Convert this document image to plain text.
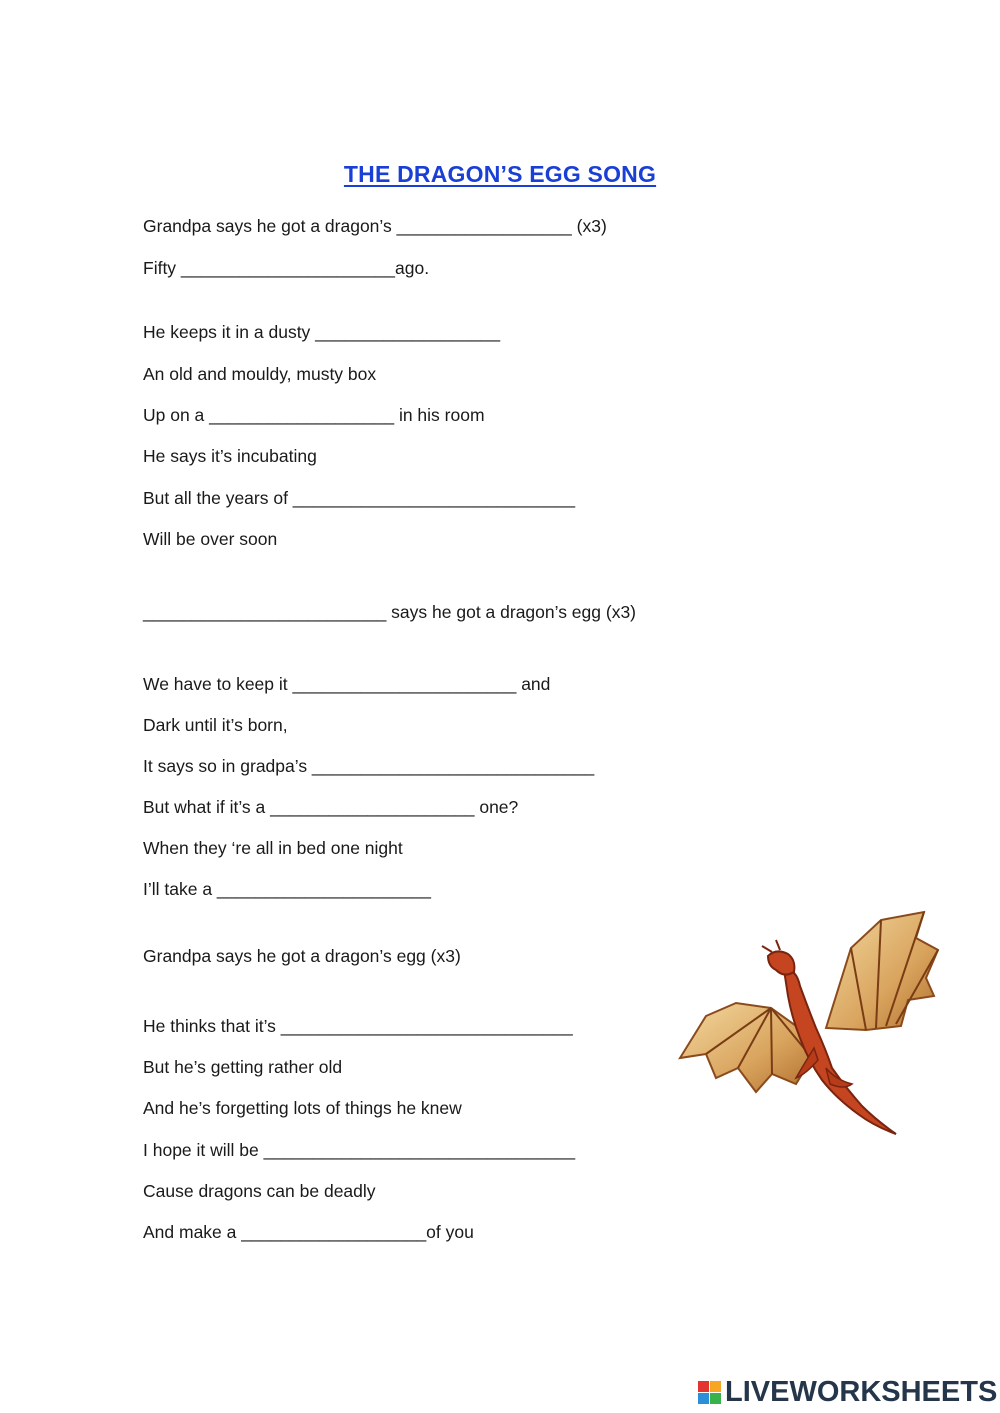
THE DRAGON’S EGG SONG
Grandpa says he got a dragon’s __________________ (x3)
Fifty ______________________ago.
He keeps it in a dusty ___________________
An old and mouldy, musty box
Up on a ___________________ in his room
He says it’s incubating
But all the years of _____________________________
Will be over soon
_________________________ says he got a dragon’s egg (x3)
We have to keep it _______________________ and
Dark until it’s born,
It says so in gradpa’s _____________________________
But what if it’s a _____________________ one?
When they ‘re all in bed one night
I’ll take a ______________________
Grandpa says he got a dragon’s egg (x3)
He thinks that it’s ______________________________
But he’s getting rather old
And he’s forgetting lots of things he knew
I hope it will be ________________________________
Cause dragons can be deadly
And make a ___________________of you
LIVEWORKSHEETS
